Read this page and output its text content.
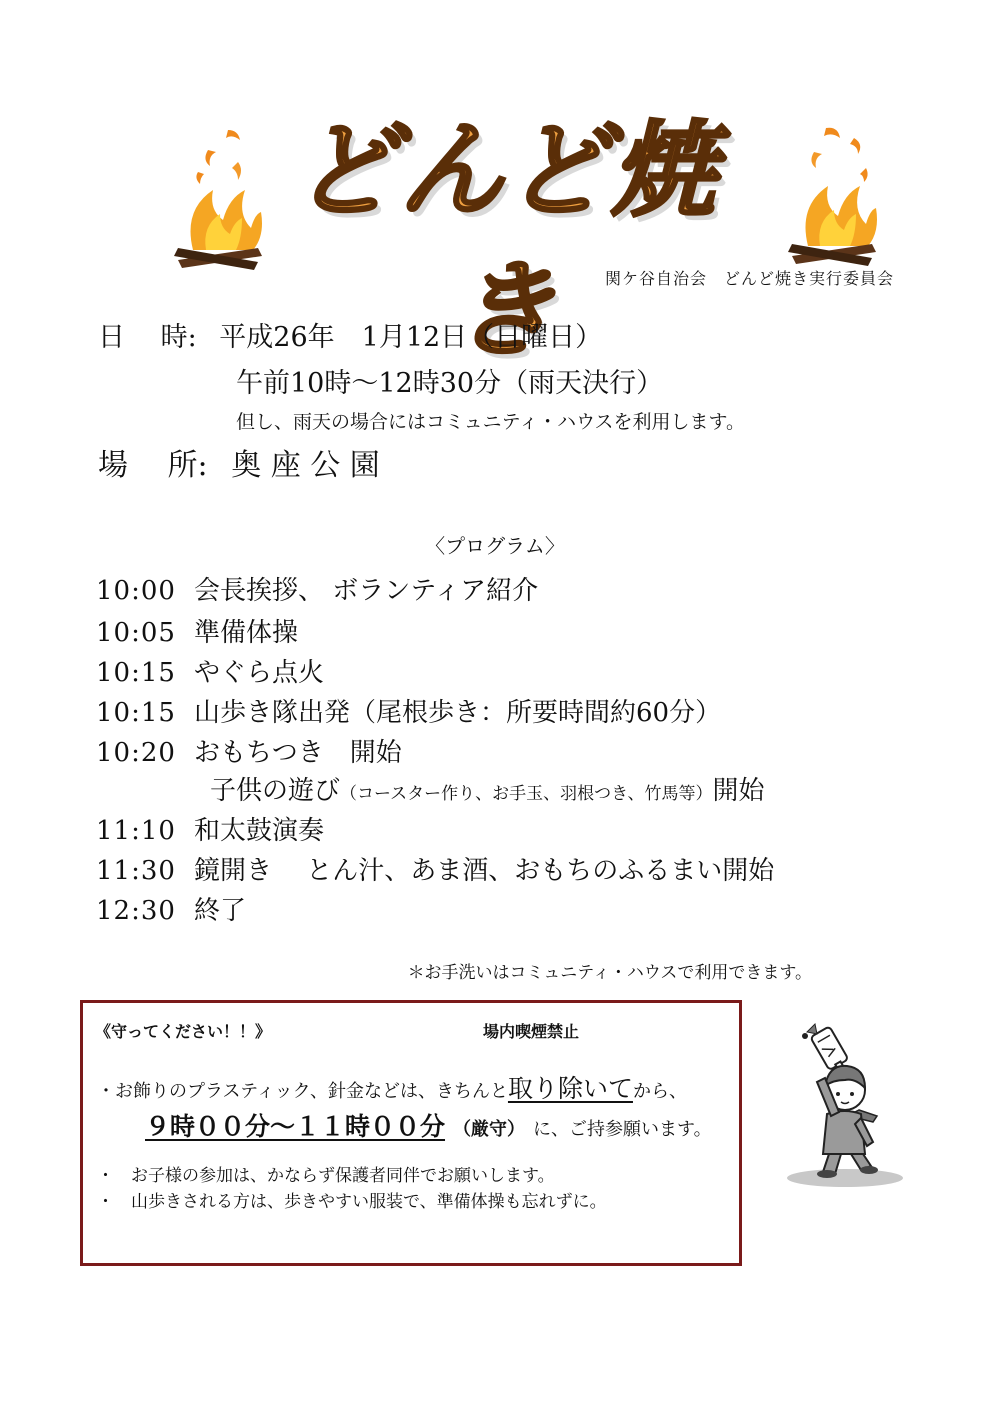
どんど焼き	関ケ谷自治会　どんど焼き実行委員会
日　 時: 平成26年　1月12日（日曜日）
午前10時～12時30分（雨天決行）
但し、雨天の場合にはコミュニティ・ハウスを利用します。
場　 所: 奥 座 公 園
〈プログラム〉
10:00 会長挨拶、 ボランティア紹介
10:05 準備体操
10:15 やぐら点火
10:15 山歩き隊出発（尾根歩き：所要時間約60分）
10:20 おもちつき　開始
子供の遊び（コースター作り、お手玉、羽根つき、竹馬等）開始
11:10 和太鼓演奏
11:30 鏡開き　 とん汁、あま酒、おもちのふるまい開始
12:30 終了
＊お手洗いはコミュニティ・ハウスで利用できます。
《守ってください！！》	場内喫煙禁止
・お飾りのプラスティック、針金などは、きちんと取り除いてから、
９時００分～１１時００分 （厳守） に、ご持参願います。
・　お子様の参加は、かならず保護者同伴でお願いします。
・　山歩きされる方は、歩きやすい服装で、準備体操も忘れずに。
